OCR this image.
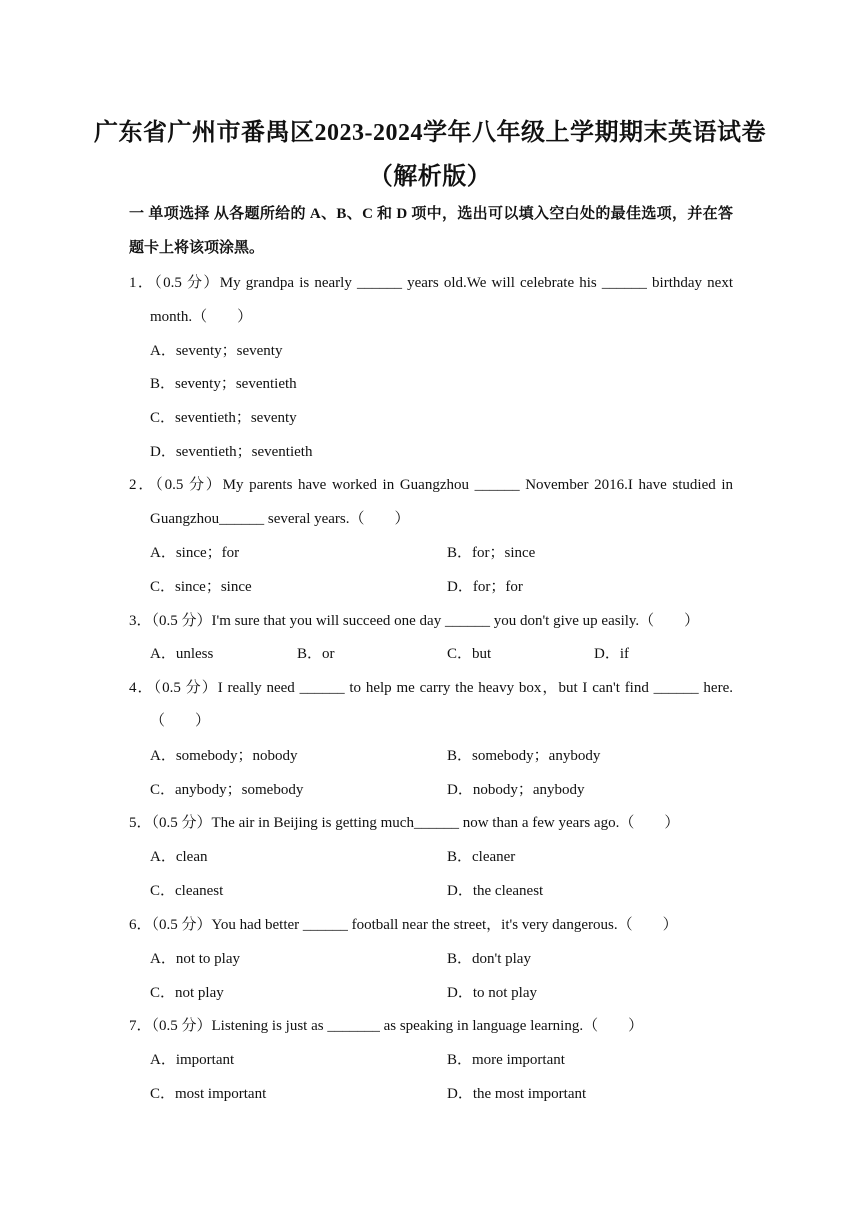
广东省广州市番禺区2023-2024学年八年级上学期期末英语试卷
（解析版）
一 单项选择 从各题所给的 A、B、C 和 D 项中，选出可以填入空白处的最佳选项，并在答
题卡上将该项涂黑。
1．（0.5 分）My grandpa is nearly ______ years old.We will celebrate his ______ birthday next
month.（　　）
A．seventy；seventy
B．seventy；seventieth
C．seventieth；seventy
D．seventieth；seventieth
2．（0.5 分）My parents have worked in Guangzhou ______ November 2016.I have studied in
Guangzhou______ several years.（　　）
A．since；for	B．for；since
C．since；since	D．for；for
3．（0.5 分）I'm sure that you will succeed one day ______ you don't give up easily.（　　）
A．unless	B．or	C．but	D．if
4．（0.5 分）I really need ______ to help me carry the heavy box，but I can't find ______ here.
（　　）
A．somebody；nobody	B．somebody；anybody
C．anybody；somebody	D．nobody；anybody
5．（0.5 分）The air in Beijing is getting much______ now than a few years ago.（　　）
A．clean	B．cleaner
C．cleanest	D．the cleanest
6．（0.5 分）You had better ______ football near the street，it's very dangerous.（　　）
A．not to play	B．don't play
C．not play	D．to not play
7．（0.5 分）Listening is just as _______ as speaking in language learning.（　　）
A．important	B．more important
C．most important	D．the most important
